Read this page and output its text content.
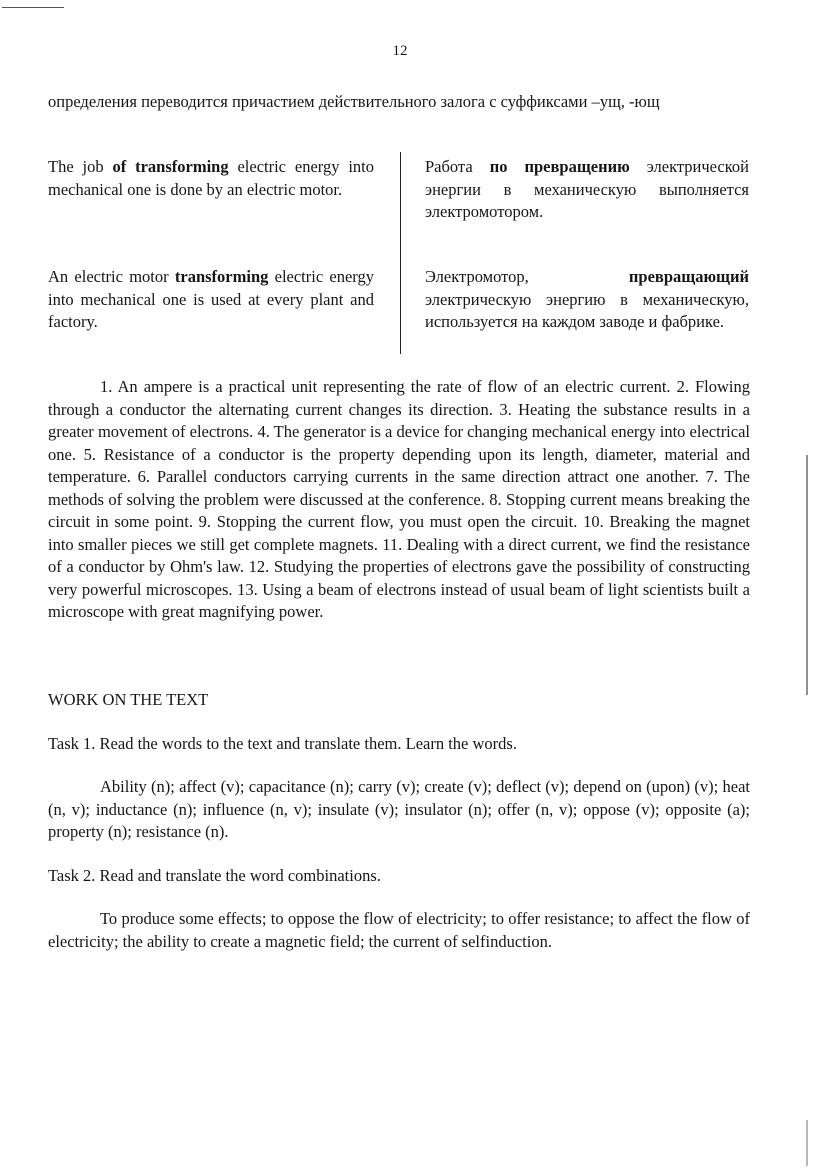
12
определения переводится причастием действительного залога с суффиксами –ущ, -ющ
The job of transforming electric energy into mechanical one is done by an electric motor.
Работа по превращению электрической энергии в механическую выполняется электромотором.
An electric motor transforming electric energy into mechanical one is used at every plant and factory.
Электромотор, превращающий электрическую энергию в механическую, используется на каждом заводе и фабрике.
1. An ampere is a practical unit representing the rate of flow of an electric current. 2. Flowing through a conductor the alternating current changes its direction. 3. Heating the substance results in a greater movement of electrons. 4. The generator is a device for changing mechanical energy into electrical one. 5. Resistance of a conductor is the property depending upon its length, diameter, material and temperature. 6. Parallel conductors carrying currents in the same direction attract one another. 7. The methods of solving the problem were discussed at the conference. 8. Stopping current means breaking the circuit in some point. 9. Stopping the current flow, you must open the circuit. 10. Breaking the magnet into smaller pieces we still get complete magnets. 11. Dealing with a direct current, we find the resistance of a conductor by Ohm's law. 12. Studying the properties of electrons gave the possibility of constructing very powerful microscopes. 13. Using a beam of electrons instead of usual beam of light scientists built a microscope with great magnifying power.
WORK ON THE TEXT
Task 1. Read the words to the text and translate them. Learn the words.
Ability (n); affect (v); capacitance (n); carry (v); create (v); deflect (v); depend on (upon) (v); heat (n, v); inductance (n); influence (n, v); insulate (v); insulator (n); offer (n, v); oppose (v); opposite (a); property (n); resistance (n).
Task 2. Read and translate the word combinations.
To produce some effects; to oppose the flow of electricity; to offer resistance; to affect the flow of electricity; the ability to create a magnetic field; the current of selfinduction.
